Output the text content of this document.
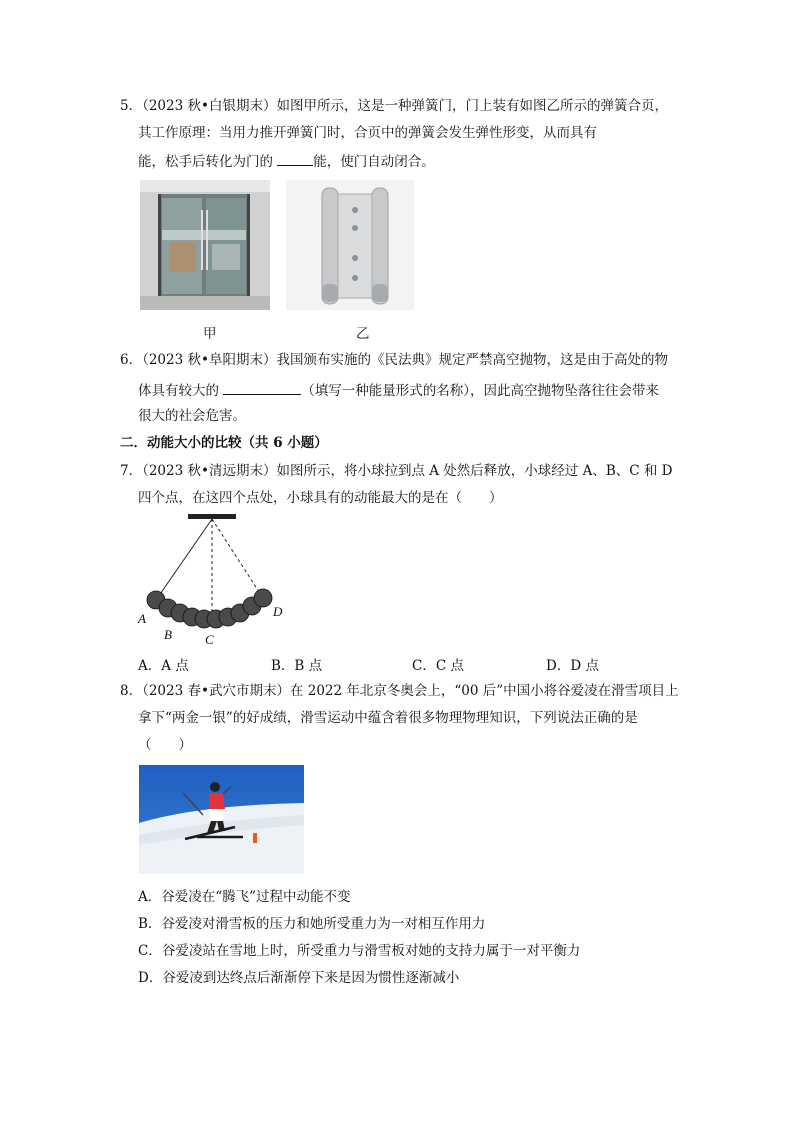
5．（2023 秋•白银期末）如图甲所示，这是一种弹簧门，门上装有如图乙所示的弹簧合页，
其工作原理：当用力推开弹簧门时，合页中的弹簧会发生弹性形变，从而具有
能，松手后转化为门的	能，使门自动闭合。
甲	乙
6．（2023 秋•阜阳期末）我国颁布实施的《民法典》规定严禁高空抛物，这是由于高处的物
体具有较大的	（填写一种能量形式的名称），因此高空抛物坠落往往会带来
很大的社会危害。
二．动能大小的比较（共 6 小题）
7．（2023 秋•清远期末）如图所示，将小球拉到点 A 处然后释放，小球经过 A、B、C 和 D
四个点，在这四个点处，小球具有的动能最大的是在（　　）
A
B	C
D
A．A 点	B．B 点	C．C 点	D．D 点
8．（2023 春•武穴市期末）在 2022 年北京冬奥会上，“00 后”中国小将谷爱凌在滑雪项目上
拿下“两金一银”的好成绩，滑雪运动中蕴含着很多物理物理知识，下列说法正确的是
（　　）
A．谷爱凌在“腾飞”过程中动能不变
B．谷爱凌对滑雪板的压力和她所受重力为一对相互作用力
C．谷爱凌站在雪地上时，所受重力与滑雪板对她的支持力属于一对平衡力
D．谷爱凌到达终点后渐渐停下来是因为惯性逐渐减小
